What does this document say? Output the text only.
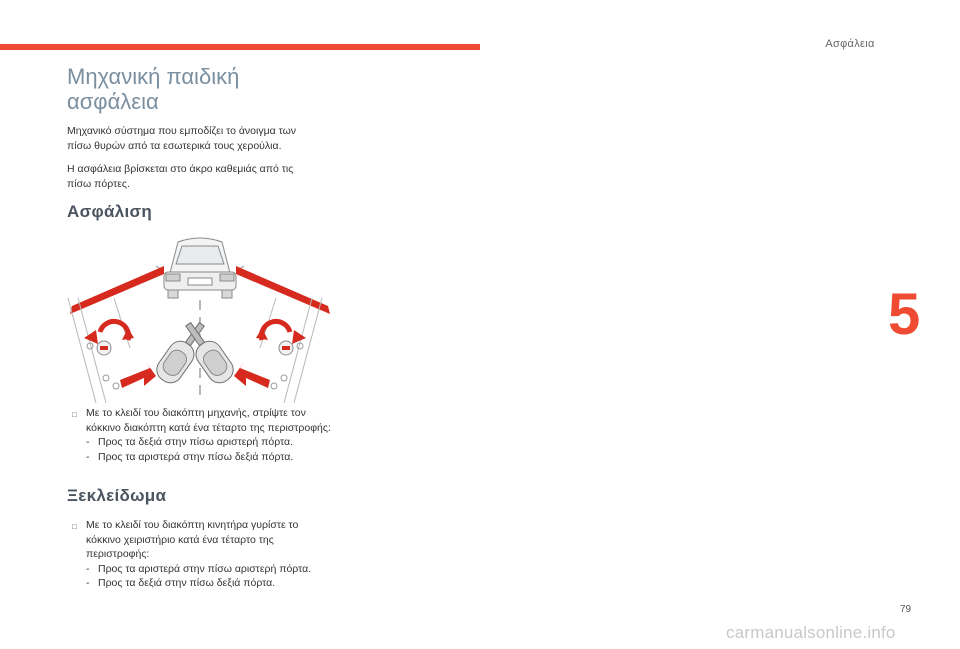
Ασφάλεια
5
Μηχανική παιδική ασφάλεια

Μηχανικό σύστημα που εμποδίζει το άνοιγμα των πίσω θυρών από τα εσωτερικά τους χερούλια.

Η ασφάλεια βρίσκεται στο άκρο καθεμιάς από τις πίσω πόρτες.

Ασφάλιση
□ Με το κλειδί του διακόπτη μηχανής, στρίψτε τον κόκκινο διακόπτη κατά ένα τέταρτο της περιστροφής:
- Προς τα δεξιά στην πίσω αριστερή πόρτα.
- Προς τα αριστερά στην πίσω δεξιά πόρτα.
Ξεκλείδωμα
□ Με το κλειδί του διακόπτη κινητήρα γυρίστε το κόκκινο χειριστήριο κατά ένα τέταρτο της περιστροφής:
- Προς τα αριστερά στην πίσω αριστερή πόρτα.
- Προς τα δεξιά στην πίσω δεξιά πόρτα.
79
carmanualsonline.info
